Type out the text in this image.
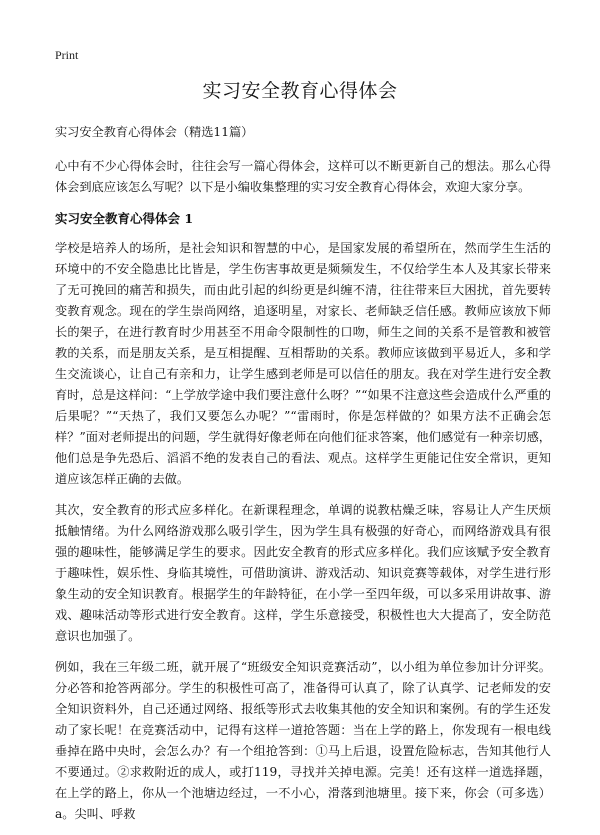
Print
实习安全教育心得体会

实习安全教育心得体会（精选11篇）

心中有不少心得体会时，往往会写一篇心得体会，这样可以不断更新自己的想法。那么心得体会到底应该怎么写呢？以下是小编收集整理的实习安全教育心得体会，欢迎大家分享。

实习安全教育心得体会 1

学校是培养人的场所，是社会知识和智慧的中心，是国家发展的希望所在，然而学生生活的环境中的不安全隐患比比皆是，学生伤害事故更是频频发生，不仅给学生本人及其家长带来了无可挽回的痛苦和损失，而由此引起的纠纷更是纠缠不清，往往带来巨大困扰，首先要转变教育观念。现在的学生崇尚网络，追逐明星，对家长、老师缺乏信任感。教师应该放下师长的架子，在进行教育时少用甚至不用命令限制性的口吻，师生之间的关系不是管教和被管教的关系，而是朋友关系，是互相提醒、互相帮助的关系。教师应该做到平易近人，多和学生交流谈心，让自己有亲和力，让学生感到老师是可以信任的朋友。我在对学生进行安全教育时，总是这样问：“上学放学途中我们要注意什么呀？”“如果不注意这些会造成什么严重的后果呢？”“天热了，我们又要怎么办呢？”“雷雨时，你是怎样做的？如果方法不正确会怎样？”面对老师提出的问题，学生就得好像老师在向他们征求答案，他们感觉有一种亲切感，他们总是争先恐后、滔滔不绝的发表自己的看法、观点。这样学生更能记住安全常识，更知道应该怎样正确的去做。

其次，安全教育的形式应多样化。在新课程理念，单调的说教枯燥乏味，容易让人产生厌烦抵触情绪。为什么网络游戏那么吸引学生，因为学生具有极强的好奇心，而网络游戏具有很强的趣味性，能够满足学生的要求。因此安全教育的形式应多样化。我们应该赋予安全教育于趣味性，娱乐性、身临其境性，可借助演讲、游戏活动、知识竞赛等载体，对学生进行形象生动的安全知识教育。根据学生的年龄特征，在小学一至四年级，可以多采用讲故事、游戏、趣味活动等形式进行安全教育。这样，学生乐意接受，积极性也大大提高了，安全防范意识也加强了。

例如，我在三年级二班，就开展了“班级安全知识竞赛活动”，以小组为单位参加计分评奖。分必答和抢答两部分。学生的积极性可高了，准备得可认真了，除了认真学、记老师发的安全知识资料外，自己还通过网络、报纸等形式去收集其他的安全知识和案例。有的学生还发动了家长呢！在竞赛活动中，记得有这样一道抢答题：当在上学的路上，你发现有一根电线垂掉在路中央时，会怎么办？有一个组抢答到：①马上后退，设置危险标志，告知其他行人不要通过。②求救附近的成人，或打119，寻找并关掉电源。完美！还有这样一道选择题，在上学的路上，你从一个池塘边经过，一不小心，滑落到池塘里。接下来，你会（可多选）a。尖叫、呼救
